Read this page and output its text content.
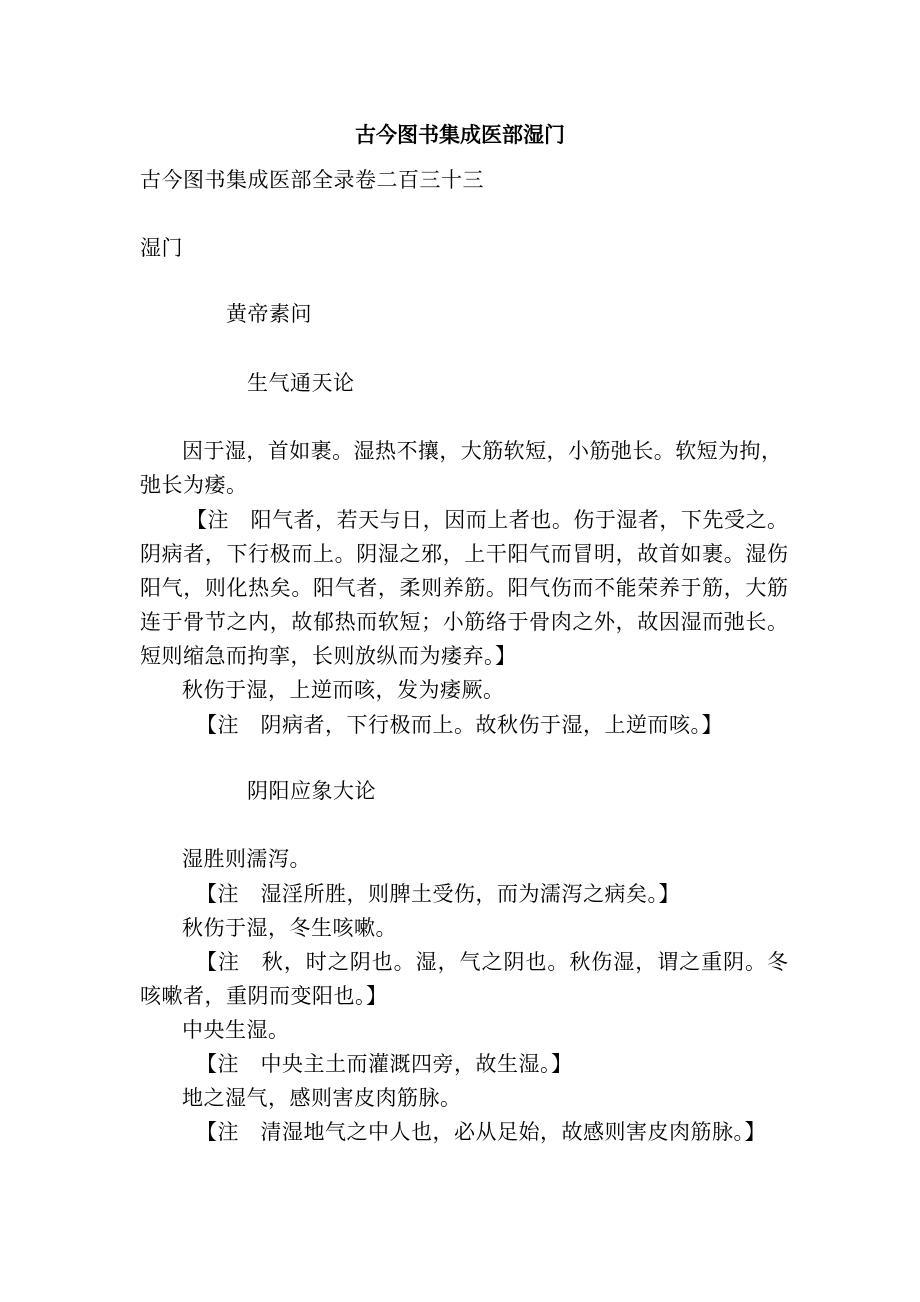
古今图书集成医部湿门
古今图书集成医部全录卷二百三十三
湿门
黄帝素问
生气通天论
因于湿，首如裹。湿热不攘，大筋软短，小筋弛长。软短为拘，
弛长为痿。
【注　阳气者，若天与日，因而上者也。伤于湿者，下先受之。
阴病者，下行极而上。阴湿之邪，上干阳气而冒明，故首如裹。湿伤
阳气，则化热矣。阳气者，柔则养筋。阳气伤而不能荣养于筋，大筋
连于骨节之内，故郁热而软短；小筋络于骨肉之外，故因湿而弛长。
短则缩急而拘挛，长则放纵而为痿弃。】
秋伤于湿，上逆而咳，发为痿厥。
【注　阴病者，下行极而上。故秋伤于湿，上逆而咳。】
阴阳应象大论
湿胜则濡泻。
【注　湿淫所胜，则脾土受伤，而为濡泻之病矣。】
秋伤于湿，冬生咳嗽。
【注　秋，时之阴也。湿，气之阴也。秋伤湿，谓之重阴。冬
咳嗽者，重阴而变阳也。】
中央生湿。
【注　中央主土而灌溉四旁，故生湿。】
地之湿气，感则害皮肉筋脉。
【注　清湿地气之中人也，必从足始，故感则害皮肉筋脉。】
